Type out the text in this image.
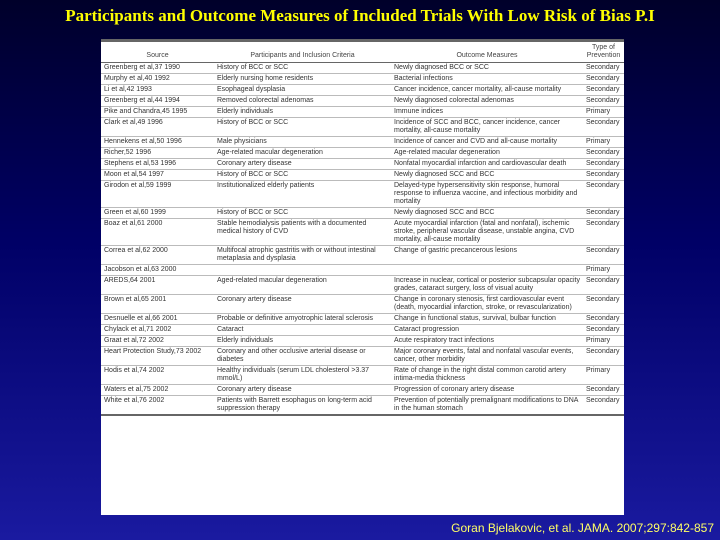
Participants and Outcome Measures of Included Trials With Low Risk of Bias P.I
Source	Participants and Inclusion Criteria	Outcome Measures	Type of Prevention
Greenberg et al,37 1990	History of BCC or SCC	Newly diagnosed BCC or SCC	Secondary
Murphy et al,40 1992	Elderly nursing home residents	Bacterial infections	Secondary
Li et al,42 1993	Esophageal dysplasia	Cancer incidence, cancer mortality, all-cause mortality	Secondary
Greenberg et al,44 1994	Removed colorectal adenomas	Newly diagnosed colorectal adenomas	Secondary
Pike and Chandra,45 1995	Elderly individuals	Immune indices	Primary
Clark et al,49 1996	History of BCC or SCC	Incidence of SCC and BCC, cancer incidence, cancer mortality, all-cause mortality	Secondary
Hennekens et al,50 1996	Male physicians	Incidence of cancer and CVD and all-cause mortality	Primary
Richer,52 1996	Age-related macular degeneration	Age-related macular degeneration	Secondary
Stephens et al,53 1996	Coronary artery disease	Nonfatal myocardial infarction and cardiovascular death	Secondary
Moon et al,54 1997	History of BCC or SCC	Newly diagnosed SCC and BCC	Secondary
Girodon et al,59 1999	Institutionalized elderly patients	Delayed-type hypersensitivity skin response, humoral response to influenza vaccine, and infectious morbidity and mortality	Secondary
Green et al,60 1999	History of BCC or SCC	Newly diagnosed SCC and BCC	Secondary
Boaz et al,61 2000	Stable hemodialysis patients with a documented medical history of CVD	Acute myocardial infarction (fatal and nonfatal), ischemic stroke, peripheral vascular disease, unstable angina, CVD mortality, all-cause mortality	Secondary
Correa et al,62 2000	Multifocal atrophic gastritis with or without intestinal metaplasia and dysplasia	Change of gastric precancerous lesions	Secondary
Jacobson et al,63 2000			Primary
AREDS,64 2001	Aged-related macular degeneration	Increase in nuclear, cortical or posterior subcapsular opacity grades, cataract surgery, loss of visual acuity	Secondary
Brown et al,65 2001	Coronary artery disease	Change in coronary stenosis, first cardiovascular event (death, myocardial infarction, stroke, or revascularization)	Secondary
Desnuelle et al,66 2001	Probable or definitive amyotrophic lateral sclerosis	Change in functional status, survival, bulbar function	Secondary
Chylack et al,71 2002	Cataract	Cataract progression	Secondary
Graat et al,72 2002	Elderly individuals	Acute respiratory tract infections	Primary
Heart Protection Study,73 2002	Coronary and other occlusive arterial disease or diabetes	Major coronary events, fatal and nonfatal vascular events, cancer, other morbidity	Secondary
Hodis et al,74 2002	Healthy individuals (serum LDL cholesterol >3.37 mmol/L)	Rate of change in the right distal common carotid artery intima-media thickness	Primary
Waters et al,75 2002	Coronary artery disease	Progression of coronary artery disease	Secondary
White et al,76 2002	Patients with Barrett esophagus on long-term acid suppression therapy	Prevention of potentially premalignant modifications to DNA in the human stomach	Secondary
Goran Bjelakovic, et al. JAMA. 2007;297:842-857
